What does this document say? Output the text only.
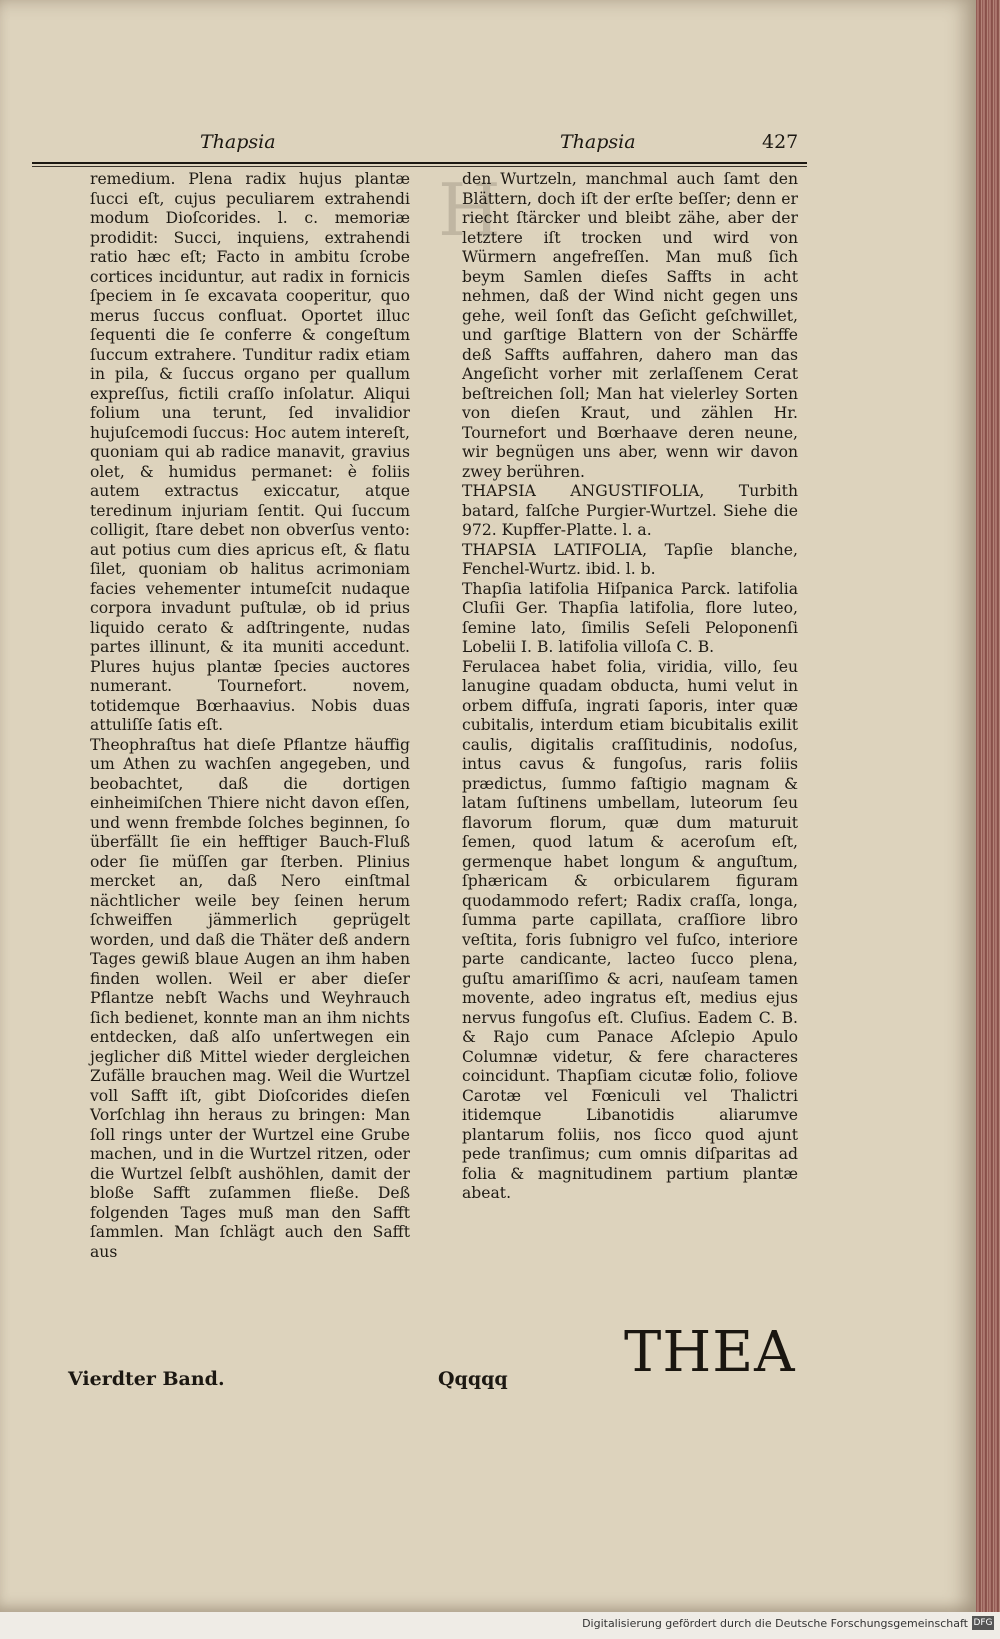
Thapsia	Thapsia	427
H

remedium. Plena radix hujus plantæ ſucci eſt, cujus peculiarem extrahendi modum Dioſcorides. l. c. memoriæ prodidit: Succi, inquiens, extrahendi ratio hæc eſt; Facto in ambitu ſcrobe cortices inciduntur, aut radix in fornicis ſpeciem in ſe excavata cooperitur, quo merus ſuccus confluat. Oportet illuc ſequenti die ſe conferre & congeſtum ſuccum extrahere. Tunditur radix etiam in pila, & ſuccus organo per quallum expreſſus, fictili craſſo inſolatur. Aliqui folium una terunt, ſed invalidior hujuſcemodi ſuccus: Hoc autem intereſt, quoniam qui ab radice manavit, gravius olet, & humidus permanet: è foliis autem extractus exiccatur, atque teredinum injuriam ſentit. Qui ſuccum colligit, ſtare debet non obverſus vento: aut potius cum dies apricus eſt, & flatu ſilet, quoniam ob halitus acrimoniam facies vehementer intumeſcit nudaque corpora invadunt puſtulæ, ob id prius liquido cerato & adſtringente, nudas partes illinunt, & ita muniti accedunt. Plures hujus plantæ ſpecies auctores numerant. Tournefort. novem, totidemque Bœrhaavius. Nobis duas attuliſſe ſatis eſt.

Theophraſtus hat dieſe Pflantze häuffig um Athen zu wachſen angegeben, und beobachtet, daß die dortigen einheimiſchen Thiere nicht davon eſſen, und wenn frembde ſolches beginnen, ſo überfällt ſie ein hefftiger Bauch-Fluß oder ſie müſſen gar ſterben. Plinius mercket an, daß Nero einſtmal nächtlicher weile bey ſeinen herum ſchweiffen jämmerlich geprügelt worden, und daß die Thäter deß andern Tages gewiß blaue Augen an ihm haben finden wollen. Weil er aber dieſer Pflantze nebſt Wachs und Weyhrauch ſich bedienet, konnte man an ihm nichts entdecken, daß alſo unſertwegen ein jeglicher diß Mittel wieder dergleichen Zufälle brauchen mag. Weil die Wurtzel voll Safft iſt, gibt Dioſcorides dieſen Vorſchlag ihn heraus zu bringen: Man ſoll rings unter der Wurtzel eine Grube machen, und in die Wurtzel ritzen, oder die Wurtzel ſelbſt aushöhlen, damit der bloße Safft zuſammen fließe. Deß folgenden Tages muß man den Safft ſammlen. Man ſchlägt auch den Safft aus

den Wurtzeln, manchmal auch ſamt den Blättern, doch iſt der erſte beſſer; denn er riecht ſtärcker und bleibt zähe, aber der letztere iſt trocken und wird von Würmern angefreſſen. Man muß ſich beym Samlen dieſes Saffts in acht nehmen, daß der Wind nicht gegen uns gehe, weil ſonſt das Geſicht geſchwillet, und garſtige Blattern von der Schärffe deß Saffts auffahren, dahero man das Angeſicht vorher mit zerlaſſenem Cerat beſtreichen ſoll; Man hat vielerley Sorten von dieſen Kraut, und zählen Hr. Tournefort und Bœrhaave deren neune, wir begnügen uns aber, wenn wir davon zwey berühren.

THAPSIA ANGUSTIFOLIA, Turbith batard, falſche Purgier-Wurtzel. Siehe die 972. Kupffer-Platte. l. a.

THAPSIA LATIFOLIA, Tapſie blanche, Fenchel-Wurtz. ibid. l. b.

Thapſia latifolia Hiſpanica Parck. latifolia Cluſii Ger. Thapſia latifolia, flore luteo, ſemine lato, ſimilis Seſeli Peloponenſi Lobelii I. B. latifolia villoſa C. B.

Ferulacea habet folia, viridia, villo, ſeu lanugine quadam obducta, humi velut in orbem diffuſa, ingrati ſaporis, inter quæ cubitalis, interdum etiam bicubitalis exilit caulis, digitalis craſſitudinis, nodoſus, intus cavus & fungoſus, raris foliis prædictus, ſummo faſtigio magnam & latam ſuſtinens umbellam, luteorum ſeu flavorum florum, quæ dum maturuit ſemen, quod latum & aceroſum eſt, germenque habet longum & anguſtum, ſphæricam & orbicularem figuram quodammodo refert; Radix craſſa, longa, ſumma parte capillata, craſſiore libro veſtita, foris ſubnigro vel fuſco, interiore parte candicante, lacteo ſucco plena, guſtu amariſſimo & acri, nauſeam tamen movente, adeo ingratus eſt, medius ejus nervus fungoſus eſt. Cluſius. Eadem C. B. & Rajo cum Panace Aſclepio Apulo Columnæ videtur, & fere characteres coincidunt. Thapſiam cicutæ folio, foliove Carotæ vel Fœniculi vel Thalictri itidemque Libanotidis aliarumve plantarum foliis, nos ſicco quod ajunt pede tranſimus; cum omnis diſparitas ad folia & magnitudinem partium plantæ abeat.

Vierdter Band.	Qqqqq THEA
Digitalisierung gefördert durch die Deutsche Forschungsgemeinschaft DFG
